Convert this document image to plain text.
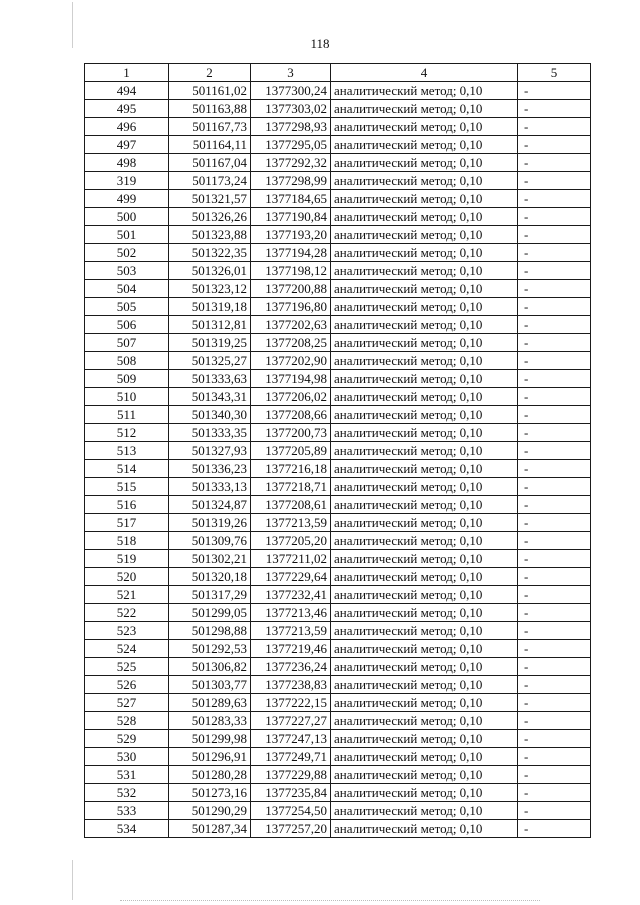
118
1	2	3	4	5
494	501161,02	1377300,24	аналитический метод; 0,10	-
495	501163,88	1377303,02	аналитический метод; 0,10	-
496	501167,73	1377298,93	аналитический метод; 0,10	-
497	501164,11	1377295,05	аналитический метод; 0,10	-
498	501167,04	1377292,32	аналитический метод; 0,10	-
319	501173,24	1377298,99	аналитический метод; 0,10	-
499	501321,57	1377184,65	аналитический метод; 0,10	-
500	501326,26	1377190,84	аналитический метод; 0,10	-
501	501323,88	1377193,20	аналитический метод; 0,10	-
502	501322,35	1377194,28	аналитический метод; 0,10	-
503	501326,01	1377198,12	аналитический метод; 0,10	-
504	501323,12	1377200,88	аналитический метод; 0,10	-
505	501319,18	1377196,80	аналитический метод; 0,10	-
506	501312,81	1377202,63	аналитический метод; 0,10	-
507	501319,25	1377208,25	аналитический метод; 0,10	-
508	501325,27	1377202,90	аналитический метод; 0,10	-
509	501333,63	1377194,98	аналитический метод; 0,10	-
510	501343,31	1377206,02	аналитический метод; 0,10	-
511	501340,30	1377208,66	аналитический метод; 0,10	-
512	501333,35	1377200,73	аналитический метод; 0,10	-
513	501327,93	1377205,89	аналитический метод; 0,10	-
514	501336,23	1377216,18	аналитический метод; 0,10	-
515	501333,13	1377218,71	аналитический метод; 0,10	-
516	501324,87	1377208,61	аналитический метод; 0,10	-
517	501319,26	1377213,59	аналитический метод; 0,10	-
518	501309,76	1377205,20	аналитический метод; 0,10	-
519	501302,21	1377211,02	аналитический метод; 0,10	-
520	501320,18	1377229,64	аналитический метод; 0,10	-
521	501317,29	1377232,41	аналитический метод; 0,10	-
522	501299,05	1377213,46	аналитический метод; 0,10	-
523	501298,88	1377213,59	аналитический метод; 0,10	-
524	501292,53	1377219,46	аналитический метод; 0,10	-
525	501306,82	1377236,24	аналитический метод; 0,10	-
526	501303,77	1377238,83	аналитический метод; 0,10	-
527	501289,63	1377222,15	аналитический метод; 0,10	-
528	501283,33	1377227,27	аналитический метод; 0,10	-
529	501299,98	1377247,13	аналитический метод; 0,10	-
530	501296,91	1377249,71	аналитический метод; 0,10	-
531	501280,28	1377229,88	аналитический метод; 0,10	-
532	501273,16	1377235,84	аналитический метод; 0,10	-
533	501290,29	1377254,50	аналитический метод; 0,10	-
534	501287,34	1377257,20	аналитический метод; 0,10	-
